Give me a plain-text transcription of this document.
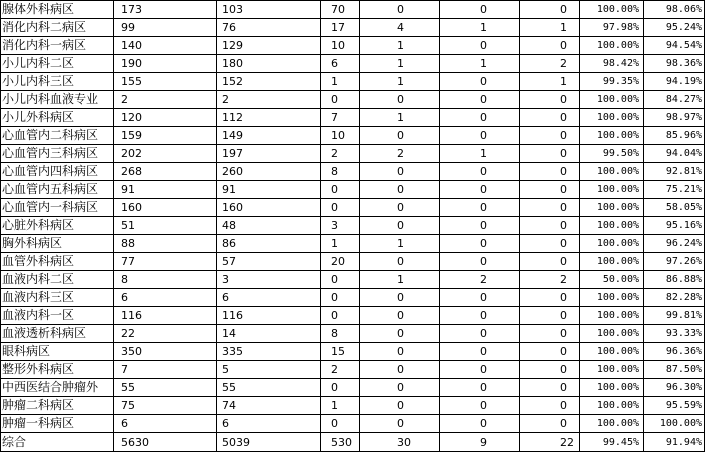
腺体外科病区	173	103	70	0	0	0	100.00%	98.06%
消化内科二病区	99	76	17	4	1	1	97.98%	95.24%
消化内科一病区	140	129	10	1	0	0	100.00%	94.54%
小儿内科二区	190	180	6	1	1	2	98.42%	98.36%
小儿内科三区	155	152	1	1	0	1	99.35%	94.19%
小儿内科血液专业	2	2	0	0	0	0	100.00%	84.27%
小儿外科病区	120	112	7	1	0	0	100.00%	98.97%
心血管内二科病区	159	149	10	0	0	0	100.00%	85.96%
心血管内三科病区	202	197	2	2	1	0	99.50%	94.04%
心血管内四科病区	268	260	8	0	0	0	100.00%	92.81%
心血管内五科病区	91	91	0	0	0	0	100.00%	75.21%
心血管内一科病区	160	160	0	0	0	0	100.00%	58.05%
心脏外科病区	51	48	3	0	0	0	100.00%	95.16%
胸外科病区	88	86	1	1	0	0	100.00%	96.24%
血管外科病区	77	57	20	0	0	0	100.00%	97.26%
血液内科二区	8	3	0	1	2	2	50.00%	86.88%
血液内科三区	6	6	0	0	0	0	100.00%	82.28%
血液内科一区	116	116	0	0	0	0	100.00%	99.81%
血液透析科病区	22	14	8	0	0	0	100.00%	93.33%
眼科病区	350	335	15	0	0	0	100.00%	96.36%
整形外科病区	7	5	2	0	0	0	100.00%	87.50%
中西医结合肿瘤外	55	55	0	0	0	0	100.00%	96.30%
肿瘤二科病区	75	74	1	0	0	0	100.00%	95.59%
肿瘤一科病区	6	6	0	0	0	0	100.00%	100.00%
综合	5630	5039	530	30	9	22	99.45%	91.94%
